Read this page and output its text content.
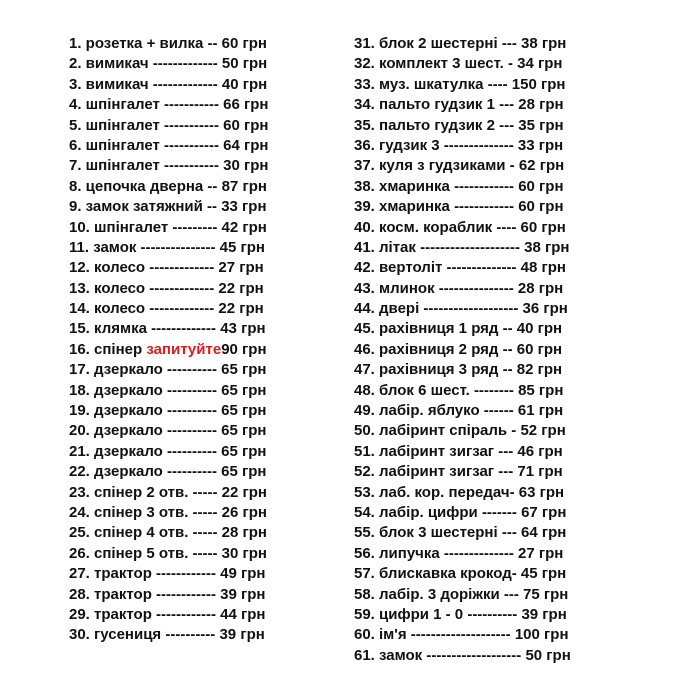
1. розетка + вилка -- 60 грн
2. вимикач ------------- 50 грн
3. вимикач ------------- 40 грн
4. шпінгалет ----------- 66 грн
5. шпінгалет ----------- 60 грн
6. шпінгалет ----------- 64 грн
7. шпінгалет ----------- 30 грн
8. цепочка дверна -- 87 грн
9. замок затяжний -- 33 грн
10. шпінгалет --------- 42 грн
11. замок --------------- 45 грн
12. колесо ------------- 27 грн
13. колесо ------------- 22 грн
14. колесо ------------- 22 грн
15. клямка ------------- 43 грн
16. спінер запитуйте90 грн
17. дзеркало ---------- 65 грн
18. дзеркало ---------- 65 грн
19. дзеркало ---------- 65 грн
20. дзеркало ---------- 65 грн
21. дзеркало ---------- 65 грн
22. дзеркало ---------- 65 грн
23. спінер 2 отв. ----- 22 грн
24. спінер 3 отв. ----- 26 грн
25. спінер 4 отв. ----- 28 грн
26. спінер 5 отв. ----- 30 грн
27. трактор ------------ 49 грн
28. трактор ------------ 39 грн
29. трактор ------------ 44 грн
30. гусениця ---------- 39 грн
31. блок 2 шестерні --- 38 грн
32. комплект 3 шест. - 34 грн
33. муз. шкатулка ---- 150 грн
34. пальто гудзик 1 --- 28 грн
35. пальто гудзик 2 --- 35 грн
36. гудзик 3 -------------- 33 грн
37. куля з гудзиками - 62 грн
38. хмаринка ------------ 60 грн
39. хмаринка ------------ 60 грн
40. косм. кораблик ---- 60 грн
41. літак -------------------- 38 грн
42. вертоліт -------------- 48 грн
43. млинок --------------- 28 грн
44. двері ------------------- 36 грн
45. рахівниця 1 ряд -- 40 грн
46. рахівниця 2 ряд -- 60 грн
47. рахівниця 3 ряд -- 82 грн
48. блок 6 шест. -------- 85 грн
49. лабір. яблуко ------ 61 грн
50. лабіринт спіраль - 52 грн
51. лабіринт зигзаг --- 46 грн
52. лабіринт зигзаг --- 71 грн
53. лаб. кор. передач- 63 грн
54. лабір. цифри ------- 67 грн
55. блок 3 шестерні --- 64 грн
56. липучка -------------- 27 грн
57. блискавка крокод- 45 грн
58. лабір. 3 доріжки --- 75 грн
59. цифри 1 - 0 ---------- 39 грн
60. ім'я -------------------- 100 грн
61. замок ------------------- 50 грн
